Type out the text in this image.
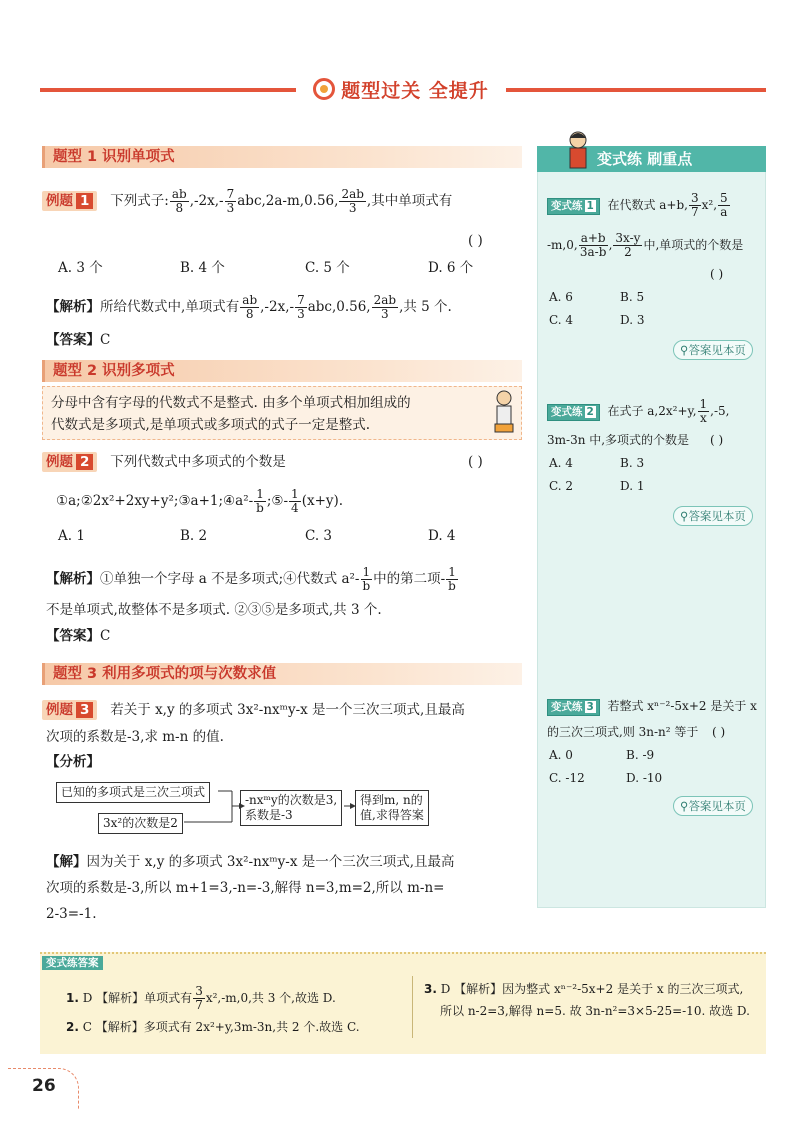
题型过关 全提升
题型 1 识别单项式
例题 1 下列式子: $\frac{ab}{8} ,-2x,- \frac{7}{3} abc,2a-m,0.56$, $\frac{2ab}{3}$ ,其中单项式有
( )
A. 3 个	B. 4 个	C. 5 个	D. 6 个
【解析】所给代数式中,单项式有 $\frac{ab}{8} ,-2x,- \frac{7}{3} abc,0.56$, $\frac{2ab}{3}$ ,共 5 个.
【答案】C
题型 2 识别多项式
分母中含有字母的代数式不是整式. 由多个单项式相加组成的
代数式是多项式,是单项式或多项式的式子一定是整式.
例题 2 下列代数式中多项式的个数是	( )
①a;②2x²+2xy+y²;③a+1;④a²- $\frac{1}{b}$ ;⑤- $\frac{1}{4} (x+y)$.
A. 1	B. 2	C. 3	D. 4
【解析】①单独一个字母 a 不是多项式;④代数式 $a^2- \frac{1}{b}$ 中的第二项- $\frac{1}{b}$
不是单项式,故整体不是多项式. ②③⑤是多项式,共 3 个.
【答案】C
题型 3 利用多项式的项与次数求值
例题 3 若关于 x,y 的多项式 3x²-nxᵐy-x 是一个三次三项式,且最高
次项的系数是-3,求 m-n 的值.
【分析】
已知的多项式是三次三项式
3x²的次数是2
-nxᵐy的次数是3,
系数是-3
得到m, n的
值,求得答案
【解】因为关于 x,y 的多项式 3x²-nxᵐy-x 是一个三次三项式,且最高
次项的系数是-3,所以 m+1=3,-n=-3,解得 n=3,m=2,所以 m-n=
2-3=-1.
变式练 刷重点
变式练 1 在代数式 a+b, $\frac{3}{7} x^2$, $\frac{5}{a}$
-m,0, $\frac{a+b}{3a-b}$ , $\frac{3x-y}{2}$ 中,单项式的个数是
( )
A. 6	B. 5
C. 4	D. 3
⚲答案见本页
变式练 2 在式子 a,2x²+y, $\frac{1}{x} ,-5$,
3m-3n 中,多项式的个数是 ( )
A. 4	B. 3
C. 2	D. 1
⚲答案见本页
变式练 3 若整式 xⁿ⁻²-5x+2 是关于 x
的三次三项式,则 3n-n² 等于 ( )
A. 0	B. -9
C. -12	D. -10
⚲答案见本页
变式练答案
1. D 【解析】单项式有 $\frac{3}{7} x^2,-m,0$,共 3 个,故选 D.
2. C 【解析】多项式有 2x²+y,3m-3n,共 2 个.故选 C.
3. D 【解析】因为整式 xⁿ⁻²-5x+2 是关于 x 的三次三项式,
所以 n-2=3,解得 n=5. 故 3n-n²=3×5-25=-10. 故选 D.
26
